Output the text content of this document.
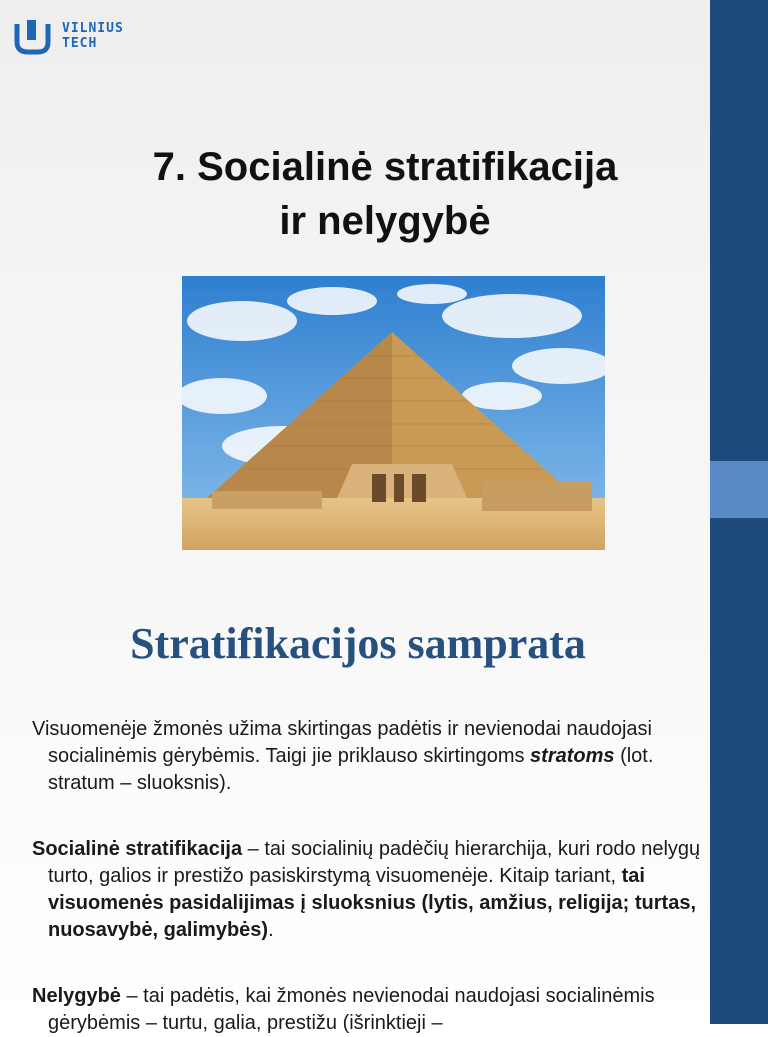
VILNIUS
TECH
7. Socialinė stratifikacija
ir nelygybė
Stratifikacijos samprata
Visuomenėje žmonės užima skirtingas padėtis ir nevienodai naudojasi socialinėmis gėrybėmis. Taigi jie priklauso skirtingoms stratoms (lot. stratum – sluoksnis).
Socialinė stratifikacija – tai socialinių padėčių hierarchija, kuri rodo nelygų turto, galios ir prestižo pasiskirstymą visuomenėje. Kitaip tariant, tai visuomenės pasidalijimas į sluoksnius (lytis, amžius, religija; turtas, nuosavybė, galimybės).
Nelygybė – tai padėtis, kai žmonės nevienodai naudojasi socialinėmis gėrybėmis – turtu, galia, prestižu (išrinktieji –
